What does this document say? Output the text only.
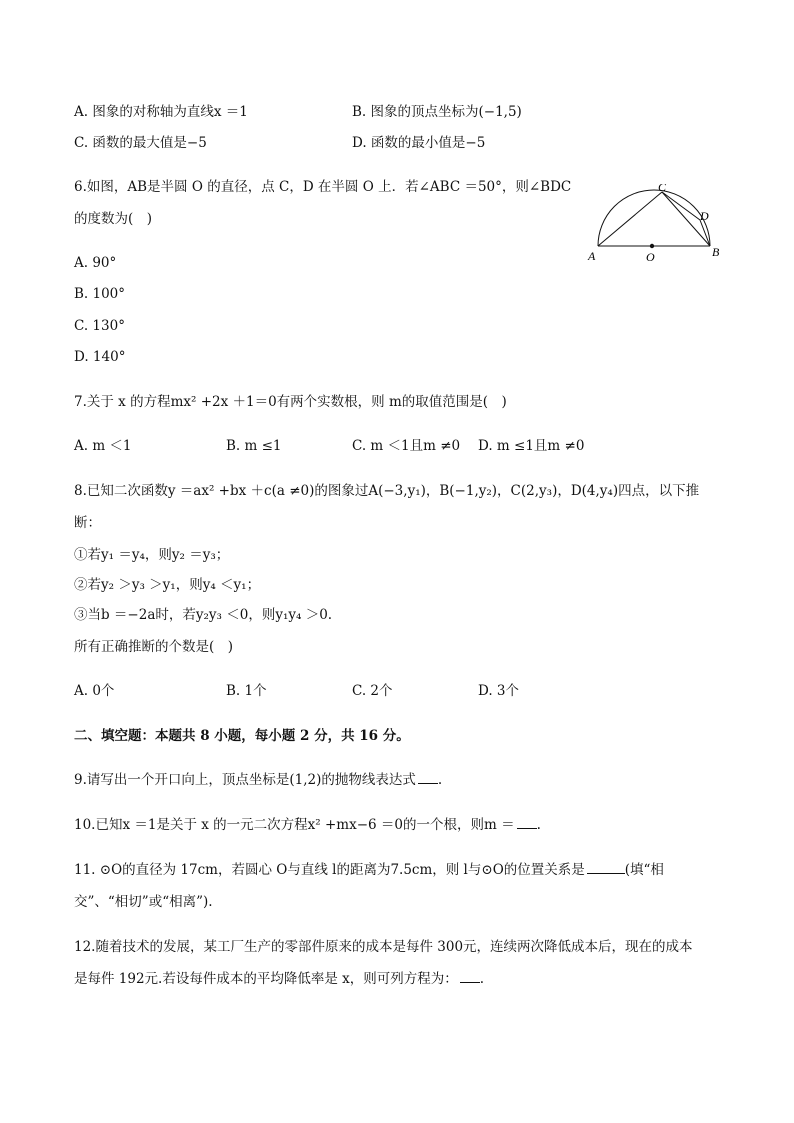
A. 图象的对称轴为直线x ＝1	B. 图象的顶点坐标为(−1,5)
C. 函数的最大值是−5	D. 函数的最小值是−5
6.如图，AB是半圆 O 的直径，点 C，D 在半圆 O 上．若∠ABC ＝50°，则∠BDC
的度数为(　)
A. 90°
B. 100°
C. 130°
D. 140°
A	B
C
D
O
7.关于 x 的方程mx² +2x ＋1＝0有两个实数根，则 m的取值范围是(　)
A. m ＜1	B. m ≤1	C. m ＜1且m ≠0 D. m ≤1且m ≠0
8.已知二次函数y ＝ax² +bx ＋c(a ≠0)的图象过A(−3,y₁)，B(−1,y₂)，C(2,y₃)，D(4,y₄)四点，以下推
断：
①若y₁ ＝y₄，则y₂ ＝y₃；
②若y₂ ＞y₃ ＞y₁，则y₄ ＜y₁；
③当b ＝−2a时，若y₂y₃ ＜0，则y₁y₄ ＞0.
所有正确推断的个数是(　)
A. 0个	B. 1个	C. 2个	D. 3个
二、填空题：本题共 8 小题，每小题 2 分，共 16 分。
9.请写出一个开口向上，顶点坐标是(1,2)的抛物线表达式 .
10.已知x ＝1是关于 x 的一元二次方程x² +mx−6 ＝0的一个根，则m ＝ .
11. ⊙O的直径为 17cm，若圆心 O与直线 l的距离为7.5cm，则 l与⊙O的位置关系是	(填“相
交”、“相切”或“相离”).
12.随着技术的发展，某工厂生产的零部件原来的成本是每件 300元，连续两次降低成本后，现在的成本
是每件 192元.若设每件成本的平均降低率是 x，则可列方程为： .
